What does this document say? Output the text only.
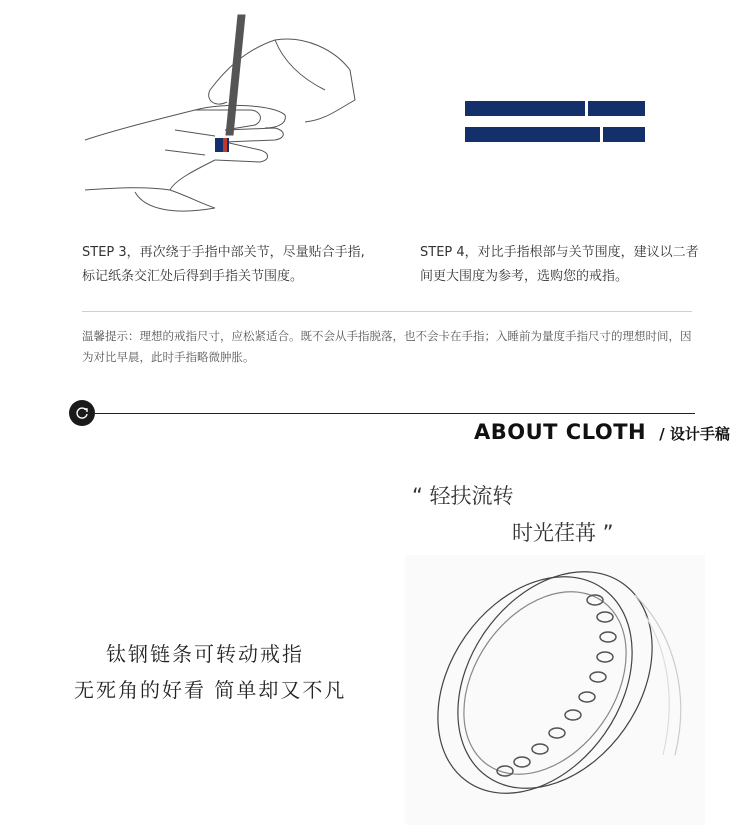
STEP 3，再次绕于手指中部关节，尽量贴合手指,标记纸条交汇处后得到手指关节围度。
STEP 4，对比手指根部与关节围度，建议以二者间更大围度为参考，选购您的戒指。
温馨提示：理想的戒指尺寸，应松紧适合。既不会从手指脱落，也不会卡在手指；入睡前为量度手指尺寸的理想时间，因为对比早晨，此时手指略微肿胀。
ABOUT CLOTH / 设计手稿
“ 轻扶流转
时光荏苒 ”
钛钢链条可转动戒指
无死角的好看 简单却又不凡
